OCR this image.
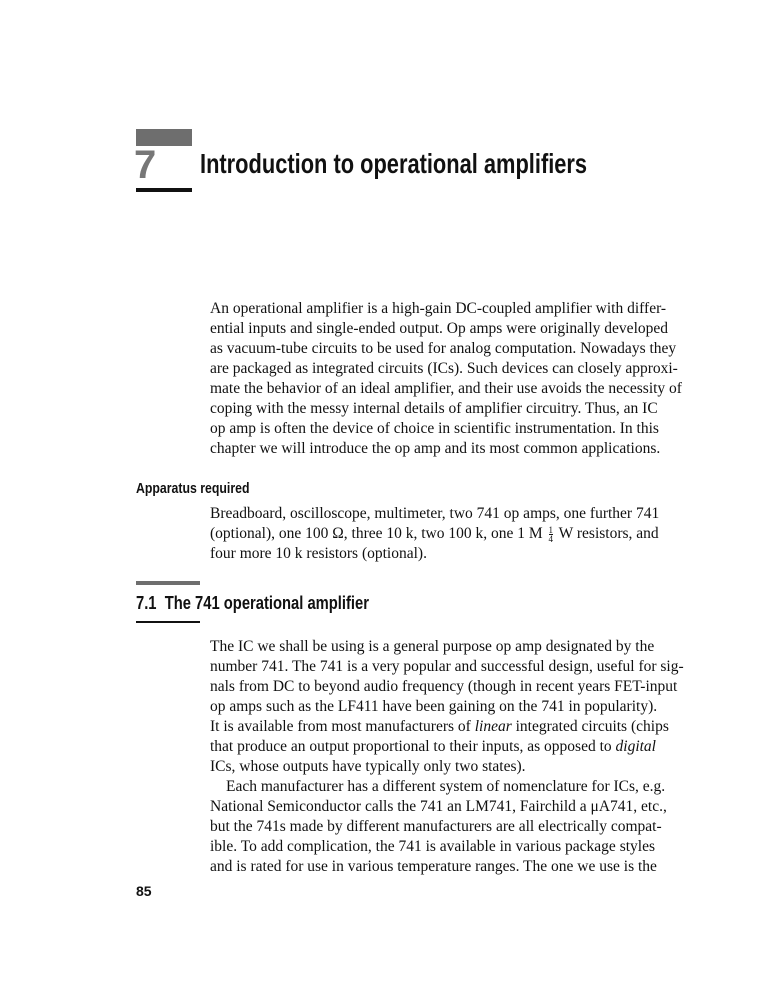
7 Introduction to operational amplifiers
An operational amplifier is a high-gain DC-coupled amplifier with differ-
ential inputs and single-ended output. Op amps were originally developed
as vacuum-tube circuits to be used for analog computation. Nowadays they
are packaged as integrated circuits (ICs). Such devices can closely approxi-
mate the behavior of an ideal amplifier, and their use avoids the necessity of
coping with the messy internal details of amplifier circuitry. Thus, an IC
op amp is often the device of choice in scientific instrumentation. In this
chapter we will introduce the op amp and its most common applications.
Apparatus required
Breadboard, oscilloscope, multimeter, two 741 op amps, one further 741
(optional), one 100 Ω, three 10 k, two 100 k, one 1 M $\frac{1}{4}$ W resistors, and
four more 10 k resistors (optional).
7.1  The 741 operational amplifier
The IC we shall be using is a general purpose op amp designated by the
number 741. The 741 is a very popular and successful design, useful for sig-
nals from DC to beyond audio frequency (though in recent years FET-input
op amps such as the LF411 have been gaining on the 741 in popularity).
It is available from most manufacturers of linear integrated circuits (chips
that produce an output proportional to their inputs, as opposed to digital
ICs, whose outputs have typically only two states).
Each manufacturer has a different system of nomenclature for ICs, e.g.
National Semiconductor calls the 741 an LM741, Fairchild a μA741, etc.,
but the 741s made by different manufacturers are all electrically compat-
ible. To add complication, the 741 is available in various package styles
and is rated for use in various temperature ranges. The one we use is the
85
